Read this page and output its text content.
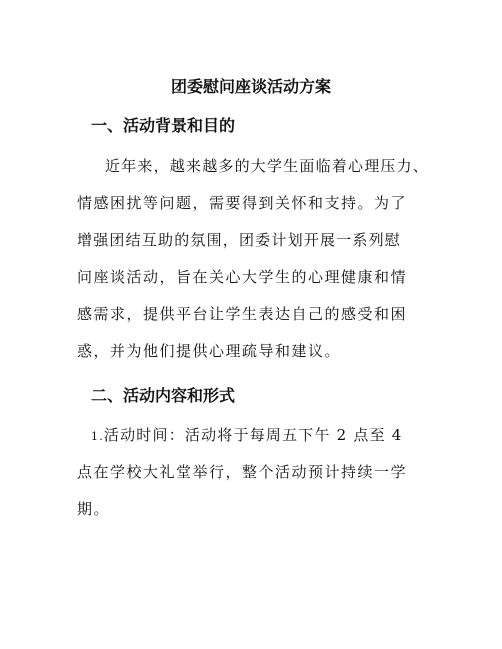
团委慰问座谈活动方案
一、活动背景和目的
近年来，越来越多的大学生面临着心理压力、
情感困扰等问题，需要得到关怀和支持。为了
增强团结互助的氛围，团委计划开展一系列慰
问座谈活动，旨在关心大学生的心理健康和情
感需求，提供平台让学生表达自己的感受和困
惑，并为他们提供心理疏导和建议。
二、活动内容和形式
1.活动时间：活动将于每周五下午 2 点至 4
点在学校大礼堂举行，整个活动预计持续一学
期。
